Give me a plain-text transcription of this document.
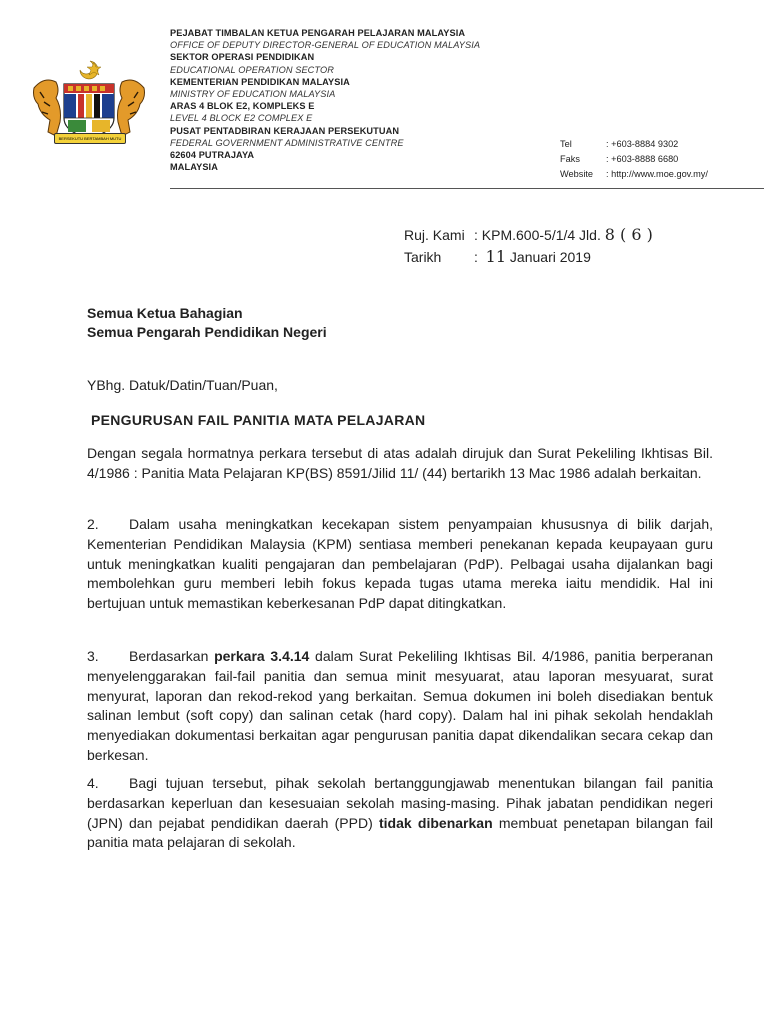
BERSEKUTU BERTAMBAH MUTU
PEJABAT TIMBALAN KETUA PENGARAH PELAJARAN MALAYSIA
OFFICE OF DEPUTY DIRECTOR-GENERAL OF EDUCATION MALAYSIA
SEKTOR OPERASI PENDIDIKAN
EDUCATIONAL OPERATION SECTOR
KEMENTERIAN PENDIDIKAN MALAYSIA
MINISTRY OF EDUCATION MALAYSIA
ARAS 4 BLOK E2, KOMPLEKS E
LEVEL 4 BLOCK E2 COMPLEX E
PUSAT PENTADBIRAN KERAJAAN PERSEKUTUAN
FEDERAL GOVERNMENT ADMINISTRATIVE CENTRE
62604 PUTRAJAYA
MALAYSIA
Tel	: +603-8884 9302
Faks	: +603-8888 6680
Website : http://www.moe.gov.my/
Ruj. Kami : KPM.600-5/1/4 Jld. 8 ( 6 )
Tarikh : 11 Januari 2019
Semua Ketua Bahagian
Semua Pengarah Pendidikan Negeri
YBhg. Datuk/Datin/Tuan/Puan,
PENGURUSAN FAIL PANITIA MATA PELAJARAN
Dengan segala hormatnya perkara tersebut di atas adalah dirujuk dan Surat Pekeliling Ikhtisas Bil. 4/1986 : Panitia Mata Pelajaran KP(BS) 8591/Jilid 11/ (44) bertarikh 13 Mac 1986 adalah berkaitan.
2. Dalam usaha meningkatkan kecekapan sistem penyampaian khususnya di bilik darjah, Kementerian Pendidikan Malaysia (KPM) sentiasa memberi penekanan kepada keupayaan guru untuk meningkatkan kualiti pengajaran dan pembelajaran (PdP). Pelbagai usaha dijalankan bagi membolehkan guru memberi lebih fokus kepada tugas utama mereka iaitu mendidik. Hal ini bertujuan untuk memastikan keberkesanan PdP dapat ditingkatkan.
3. Berdasarkan perkara 3.4.14 dalam Surat Pekeliling Ikhtisas Bil. 4/1986, panitia berperanan menyelenggarakan fail-fail panitia dan semua minit mesyuarat, atau laporan mesyuarat, surat menyurat, laporan dan rekod-rekod yang berkaitan. Semua dokumen ini boleh disediakan bentuk salinan lembut (soft copy) dan salinan cetak (hard copy). Dalam hal ini pihak sekolah hendaklah menyediakan dokumentasi berkaitan agar pengurusan panitia dapat dikendalikan secara cekap dan berkesan.
4. Bagi tujuan tersebut, pihak sekolah bertanggungjawab menentukan bilangan fail panitia berdasarkan keperluan dan kesesuaian sekolah masing-masing. Pihak jabatan pendidikan negeri (JPN) dan pejabat pendidikan daerah (PPD) tidak dibenarkan membuat penetapan bilangan fail panitia mata pelajaran di sekolah.
